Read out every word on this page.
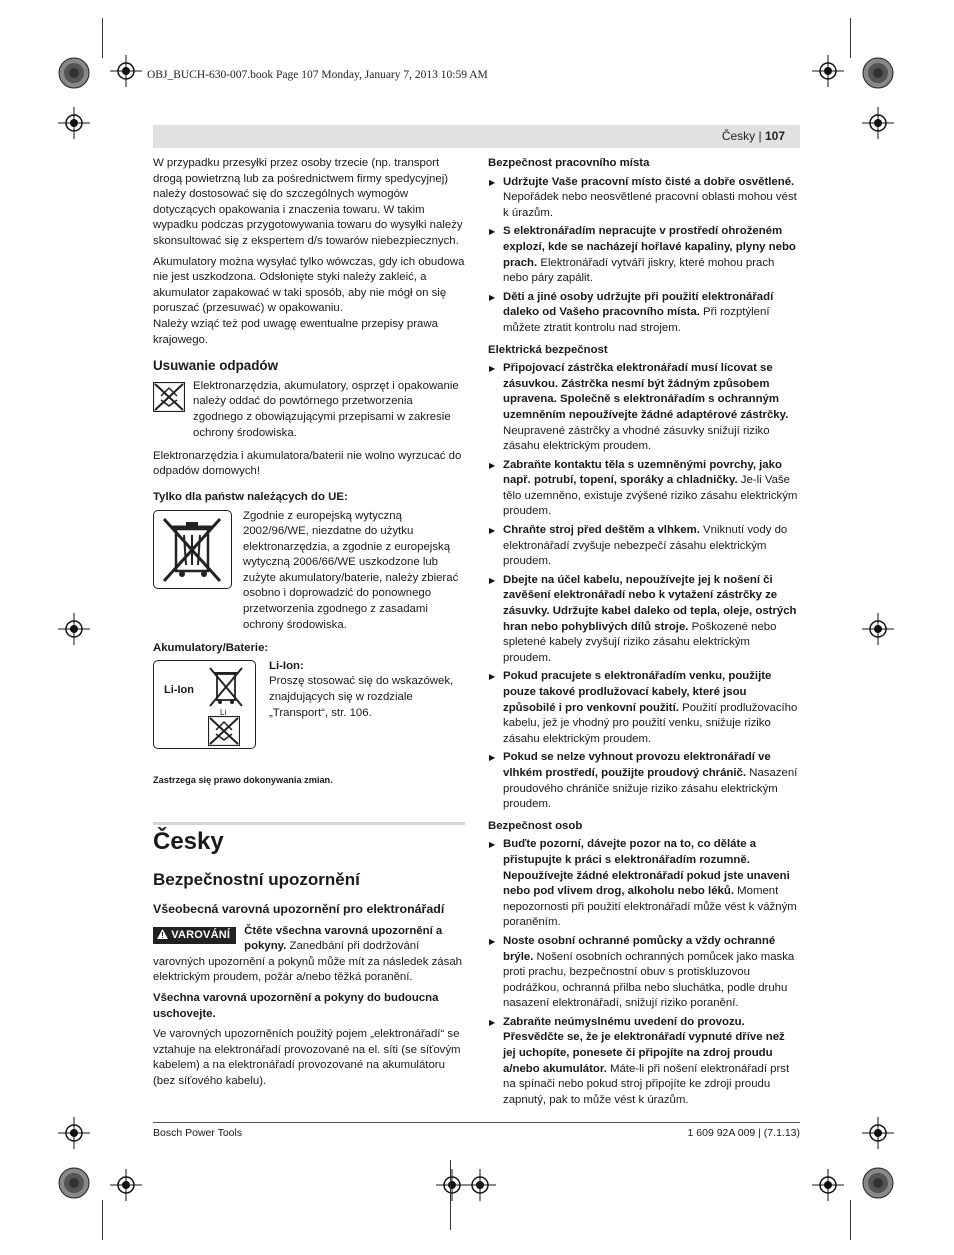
OBJ_BUCH-630-007.book Page 107 Monday, January 7, 2013 10:59 AM
Česky | 107

W przypadku przesyłki przez osoby trzecie (np. transport drogą powietrzną lub za pośrednictwem firmy spedycyjnej) należy dostosować się do szczególnych wymogów dotyczących opakowania i znaczenia towaru. W takim wypadku podczas przygotowywania towaru do wysyłki należy skonsultować się z ekspertem d/s towarów niebezpiecznych.

Akumulatory można wysyłać tylko wówczas, gdy ich obudowa nie jest uszkodzona. Odsłonięte styki należy zakleić, a akumulator zapakować w taki sposób, aby nie mógł on się poruszać (przesuwać) w opakowaniu.

Należy wziąć też pod uwagę ewentualne przepisy prawa krajowego.

Usuwanie odpadów

Elektronarzędzia, akumulatory, osprzęt i opakowanie należy oddać do powtórnego przetworzenia zgodnego z obowiązującymi przepisami w zakresie ochrony środowiska.

Elektronarzędzia i akumulatora/baterii nie wolno wyrzucać do odpadów domowych!

Tylko dla państw należących do UE:

Zgodnie z europejską wytyczną 2002/96/WE, niezdatne do użytku elektronarzędzia, a zgodnie z europejską wytyczną 2006/66/WE uszkodzone lub zużyte akumulatory/baterie, należy zbierać osobno i doprowadzić do ponownego przetworzenia zgodnego z zasadami ochrony środowiska.

Akumulatory/Baterie:

Li-Ion
Li

Li-Ion:

Proszę stosować się do wskazówek, znajdujących się w rozdziale „Transport“, str. 106.

Zastrzega się prawo dokonywania zmian.

Česky

Bezpečnostní upozornění

Všeobecná varovná upozornění pro elektronářadí

VAROVÁNÍ	Čtěte všechna varovná upozornění a pokyny. Zanedbání při dodržování varovných upozornění a pokynů může mít za následek zásah elektrickým proudem, požár a/nebo těžká poranění.

Všechna varovná upozornění a pokyny do budoucna uschovejte.

Ve varovných upozorněních použitý pojem „elektronářadí“ se vztahuje na elektronářadí provozované na el. síti (se síťovým kabelem) a na elektronářadí provozované na akumulátoru (bez síťového kabelu).

Bezpečnost pracovního místa

▶ Udržujte Vaše pracovní místo čisté a dobře osvětlené. Nepořádek nebo neosvětlené pracovní oblasti mohou vést k úrazům.
▶ S elektronářadím nepracujte v prostředí ohroženém explozí, kde se nacházejí hořlavé kapaliny, plyny nebo prach. Elektronářadí vytváří jiskry, které mohou prach nebo páry zapálit.
▶ Děti a jiné osoby udržujte při použití elektronářadí daleko od Vašeho pracovního místa. Při rozptýlení můžete ztratit kontrolu nad strojem.

Elektrická bezpečnost

▶ Připojovací zástrčka elektronářadí musí lícovat se zásuvkou. Zástrčka nesmí být žádným způsobem upravena. Společně s elektronářadím s ochranným uzemněním nepoužívejte žádné adaptérové zástrčky. Neupravené zástrčky a vhodné zásuvky snižují riziko zásahu elektrickým proudem.
▶ Zabraňte kontaktu těla s uzemněnými povrchy, jako např. potrubí, topení, sporáky a chladničky. Je-li Vaše tělo uzemněno, existuje zvýšené riziko zásahu elektrickým proudem.
▶ Chraňte stroj před deštěm a vlhkem. Vniknutí vody do elektronářadí zvyšuje nebezpečí zásahu elektrickým proudem.
▶ Dbejte na účel kabelu, nepoužívejte jej k nošení či zavěšení elektronářadí nebo k vytažení zástrčky ze zásuvky. Udržujte kabel daleko od tepla, oleje, ostrých hran nebo pohyblivých dílů stroje. Poškozené nebo spletené kabely zvyšují riziko zásahu elektrickým proudem.
▶ Pokud pracujete s elektronářadím venku, použijte pouze takové prodlužovací kabely, které jsou způsobilé i pro venkovní použití. Použití prodlužovacího kabelu, jež je vhodný pro použití venku, snižuje riziko zásahu elektrickým proudem.
▶ Pokud se nelze vyhnout provozu elektronářadí ve vlhkém prostředí, použijte proudový chránič. Nasazení proudového chrániče snižuje riziko zásahu elektrickým proudem.

Bezpečnost osob

▶ Buďte pozorní, dávejte pozor na to, co děláte a přistupujte k práci s elektronářadím rozumně. Nepoužívejte žádné elektronářadí pokud jste unaveni nebo pod vlivem drog, alkoholu nebo léků. Moment nepozornosti při použití elektronářadí může vést k vážným poraněním.
▶ Noste osobní ochranné pomůcky a vždy ochranné brýle. Nošení osobních ochranných pomůcek jako maska proti prachu, bezpečnostní obuv s protiskluzovou podrážkou, ochranná přilba nebo sluchátka, podle druhu nasazení elektronářadí, snižují riziko poranění.
▶ Zabraňte neúmyslnému uvedení do provozu. Přesvědčte se, že je elektronářadí vypnuté dříve než jej uchopíte, ponesete či připojíte na zdroj proudu a/nebo akumulátor. Máte-li při nošení elektronářadí prst na spínači nebo pokud stroj připojíte ke zdroji proudu zapnutý, pak to může vést k úrazům.
Bosch Power Tools	1 609 92A 009 | (7.1.13)
